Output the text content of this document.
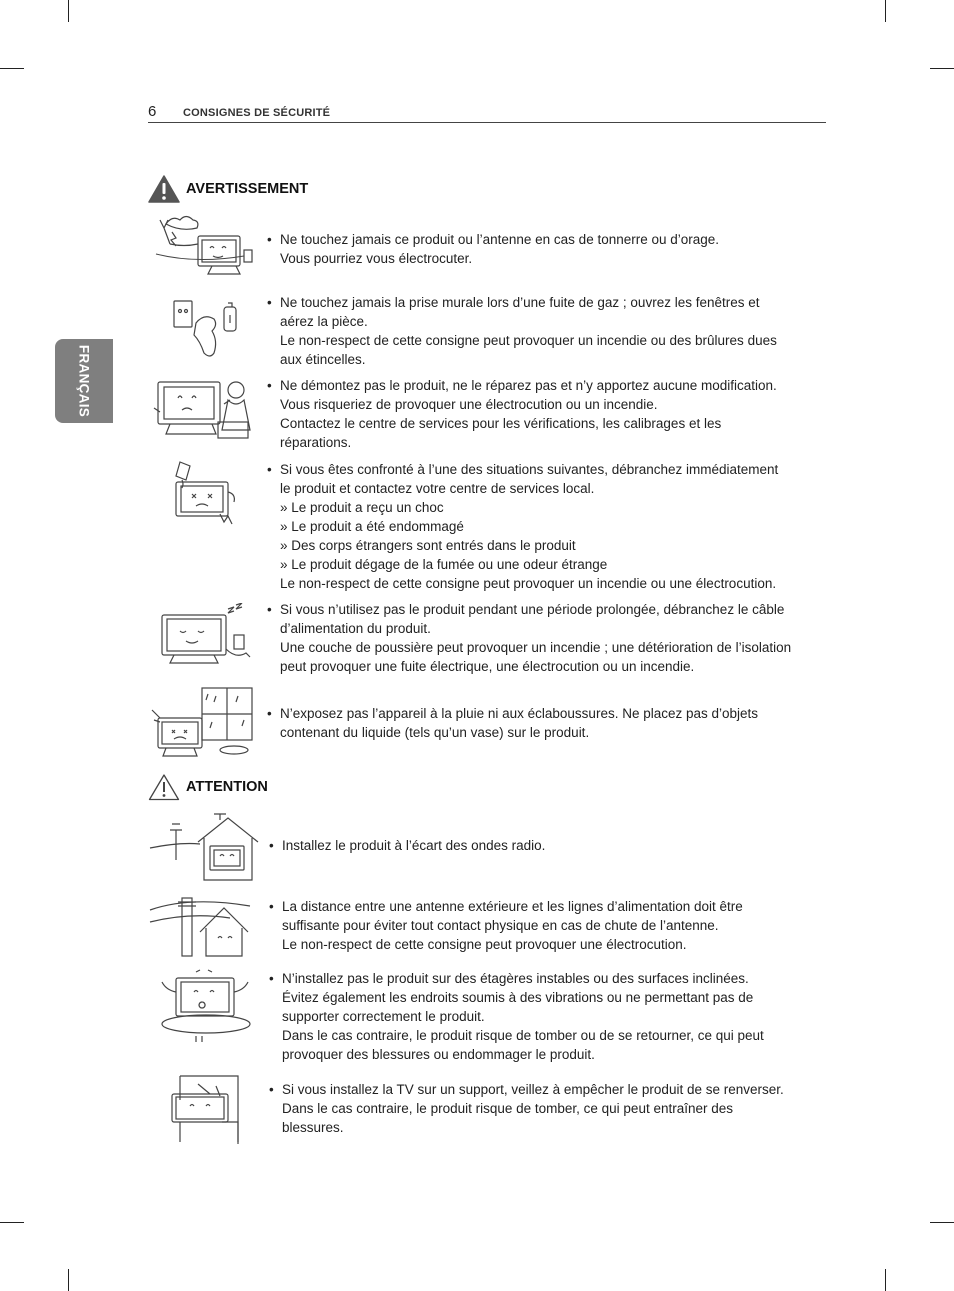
6 CONSIGNES DE SÉCURITÉ
FRANÇAIS
AVERTISSEMENT
• Ne touchez jamais ce produit ou l’antenne en cas de tonnerre ou d’orage.

Vous pourriez vous électrocuter.

• Ne touchez jamais la prise murale lors d’une fuite de gaz ; ouvrez les fenêtres et

aérez la pièce.

Le non-respect de cette consigne peut provoquer un incendie ou des brûlures dues

aux étincelles.

• Ne démontez pas le produit, ne le réparez pas et n’y apportez aucune modification.

Vous risqueriez de provoquer une électrocution ou un incendie.

Contactez le centre de services pour les vérifications, les calibrages et les

réparations.

• Si vous êtes confronté à l’une des situations suivantes, débranchez immédiatement

le produit et contactez votre centre de services local.

» Le produit a reçu un choc

» Le produit a été endommagé

» Des corps étrangers sont entrés dans le produit

» Le produit dégage de la fumée ou une odeur étrange

Le non-respect de cette consigne peut provoquer un incendie ou une électrocution.

• Si vous n’utilisez pas le produit pendant une période prolongée, débranchez le câble

d’alimentation du produit.

Une couche de poussière peut provoquer un incendie ; une détérioration de l’isolation

peut provoquer une fuite électrique, une électrocution ou un incendie.

• N’exposez pas l’appareil à la pluie ni aux éclaboussures. Ne placez pas d’objets

contenant du liquide (tels qu’un vase) sur le produit.

ATTENTION
• Installez le produit à l’écart des ondes radio.

• La distance entre une antenne extérieure et les lignes d’alimentation doit être

suffisante pour éviter tout contact physique en cas de chute de l’antenne.

Le non-respect de cette consigne peut provoquer une électrocution.

• N’installez pas le produit sur des étagères instables ou des surfaces inclinées.

Évitez également les endroits soumis à des vibrations ou ne permettant pas de

supporter correctement le produit.

Dans le cas contraire, le produit risque de tomber ou de se retourner, ce qui peut

provoquer des blessures ou endommager le produit.

• Si vous installez la TV sur un support, veillez à empêcher le produit de se renverser.

Dans le cas contraire, le produit risque de tomber, ce qui peut entraîner des

blessures.
